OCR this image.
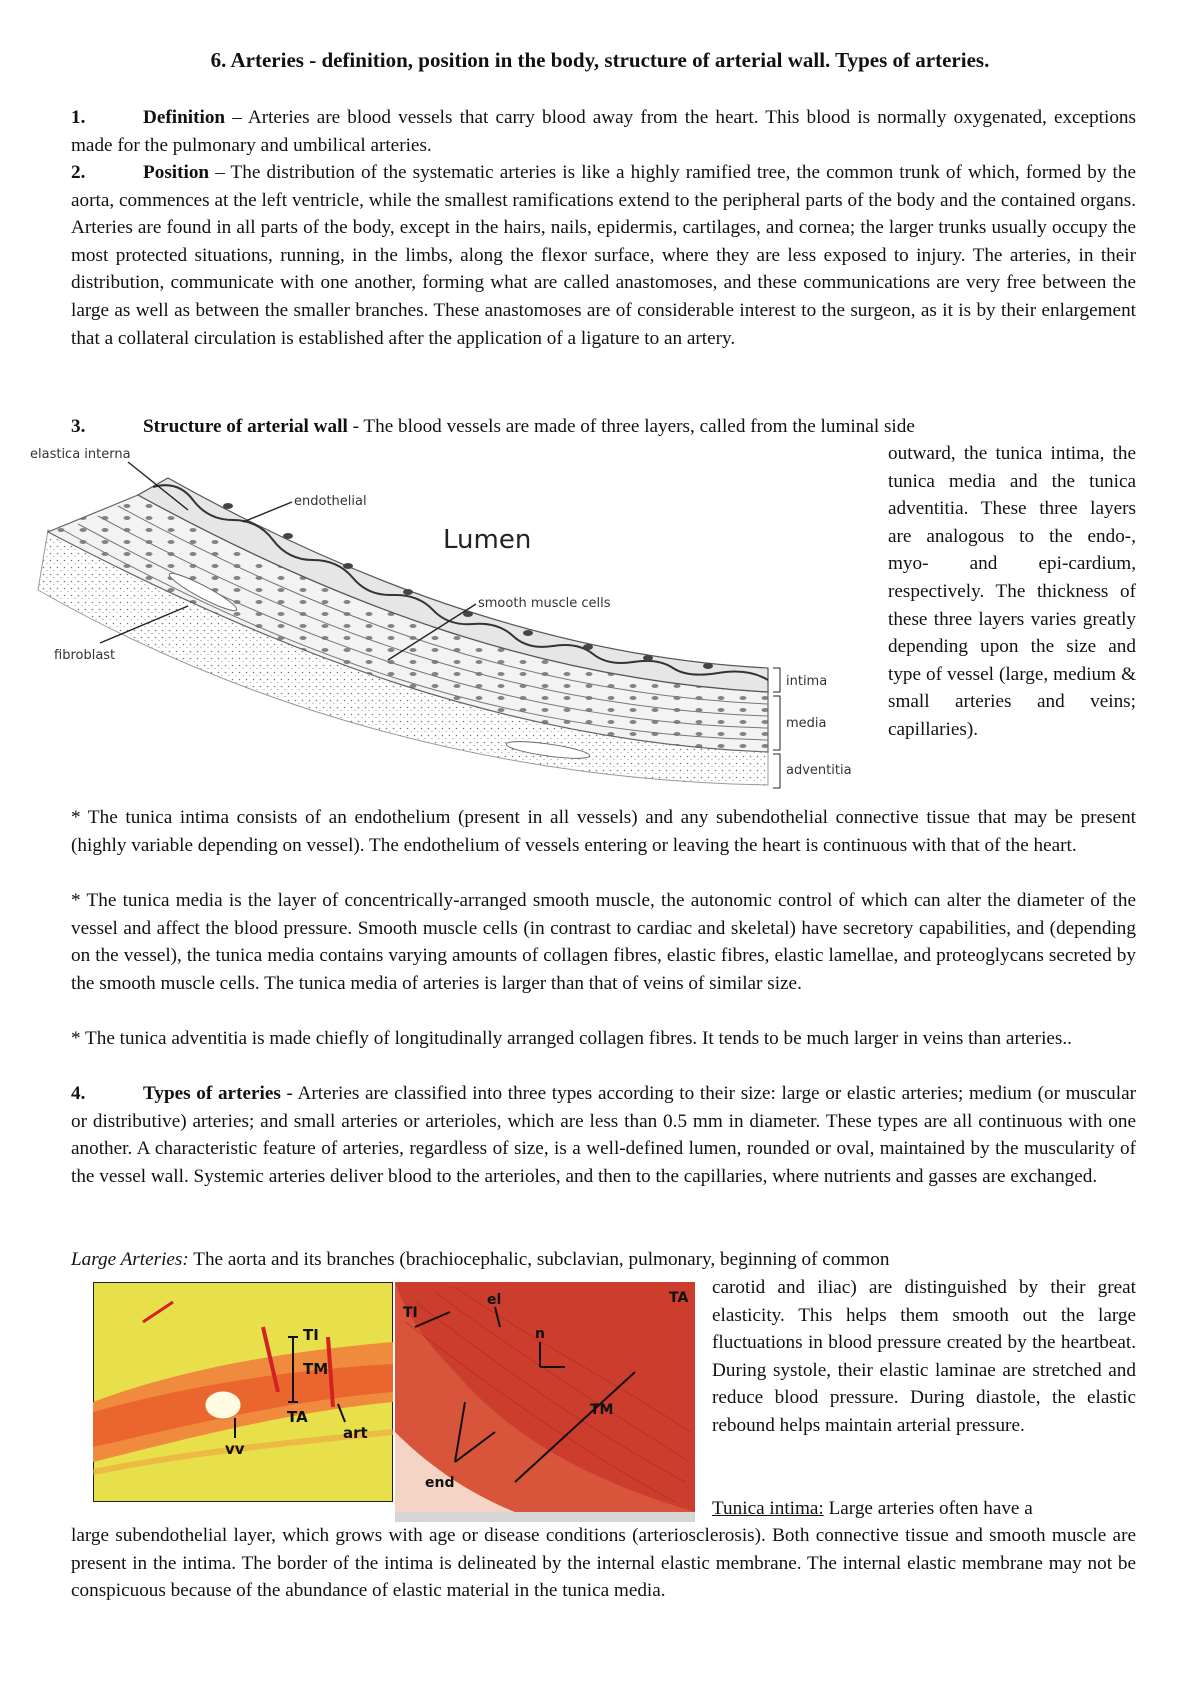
6. Arteries - definition, position in the body, structure of arterial wall. Types of arteries.

1.	Definition – Arteries are blood vessels that carry blood away from the heart. This blood is normally oxygenated, exceptions made for the pulmonary and umbilical arteries.

2.	Position – The distribution of the systematic arteries is like a highly ramified tree, the common trunk of which, formed by the aorta, commences at the left ventricle, while the smallest ramifications extend to the peripheral parts of the body and the contained organs. Arteries are found in all parts of the body, except in the hairs, nails, epidermis, cartilages, and cornea; the larger trunks usually occupy the most protected situations, running, in the limbs, along the flexor surface, where they are less exposed to injury. The arteries, in their distribution, communicate with one another, forming what are called anastomoses, and these communications are very free between the large as well as between the smaller branches. These anastomoses are of considerable interest to the surgeon, as it is by their enlargement that a collateral circulation is established after the application of a ligature to an artery.

3.	Structure of arterial wall - The blood vessels are made of three layers, called from the luminal side

elastica interna
endothelial
Lumen
smooth muscle cells
fibroblast
intima
media
adventitia

outward, the tunica intima, the tunica media and the tunica adventitia. These three layers are analogous to the endo-, myo- and epi-cardium, respectively. The thickness of these three layers varies greatly depending upon the size and type of vessel (large, medium & small arteries and veins; capillaries).

* The tunica intima consists of an endothelium (present in all vessels) and any subendothelial connective tissue that may be present (highly variable depending on vessel). The endothelium of vessels entering or leaving the heart is continuous with that of the heart.

* The tunica media is the layer of concentrically-arranged smooth muscle, the autonomic control of which can alter the diameter of the vessel and affect the blood pressure. Smooth muscle cells (in contrast to cardiac and skeletal) have secretory capabilities, and (depending on the vessel), the tunica media contains varying amounts of collagen fibres, elastic fibres, elastic lamellae, and proteoglycans secreted by the smooth muscle cells. The tunica media of arteries is larger than that of veins of similar size.

* The tunica adventitia is made chiefly of longitudinally arranged collagen fibres. It tends to be much larger in veins than arteries..

4.	Types of arteries - Arteries are classified into three types according to their size: large or elastic arteries; medium (or muscular or distributive) arteries; and small arteries or arterioles, which are less than 0.5 mm in diameter. These types are all continuous with one another. A characteristic feature of arteries, regardless of size, is a well-defined lumen, rounded or oval, maintained by the muscularity of the vessel wall. Systemic arteries deliver blood to the arterioles, and then to the capillaries, where nutrients and gasses are exchanged.

Large Arteries: The aorta and its branches (brachiocephalic, subclavian, pulmonary, beginning of common

TI
TM
TA
vv
art
TI
el
n
TM
TA
end

carotid and iliac) are distinguished by their great elasticity. This helps them smooth out the large fluctuations in blood pressure created by the heartbeat. During systole, their elastic laminae are stretched and reduce blood pressure. During diastole, the elastic rebound helps maintain arterial pressure.

Tunica intima: Large arteries often have a

large subendothelial layer, which grows with age or disease conditions (arteriosclerosis). Both connective tissue and smooth muscle are present in the intima. The border of the intima is delineated by the internal elastic membrane. The internal elastic membrane may not be conspicuous because of the abundance of elastic material in the tunica media.
